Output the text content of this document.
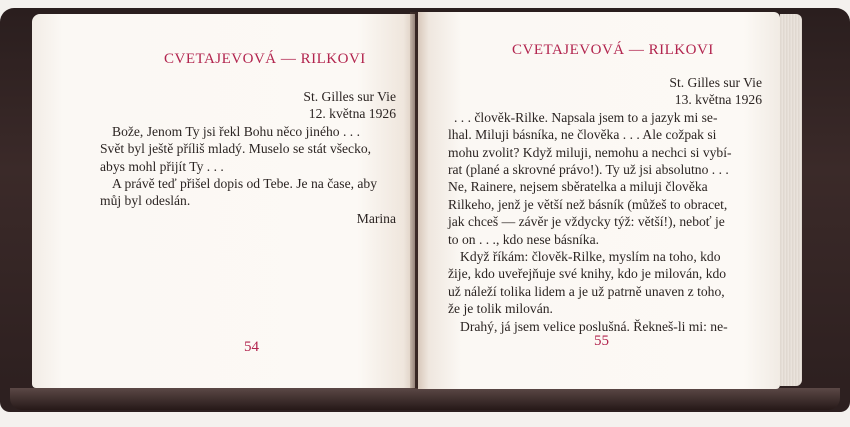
CVETAJEVOVÁ — RILKOVI
St. Gilles sur Vie
12. května 1926
Bože, Jenom Ty jsi řekl Bohu něco jiného . . .
Svět byl ještě příliš mladý. Muselo se stát všecko,
abys mohl přijít Ty . . .
A právě teď přišel dopis od Tebe. Je na čase, aby
můj byl odeslán.
Marina
54
CVETAJEVOVÁ — RILKOVI
St. Gilles sur Vie
13. května 1926
. . . člověk-Rilke. Napsala jsem to a jazyk mi se-
lhal. Miluji básníka, ne člověka . . . Ale cožpak si
mohu zvolit? Když miluji, nemohu a nechci si vybí-
rat (plané a skrovné právo!). Ty už jsi absolutno . . .
Ne, Rainere, nejsem sběratelka a miluji člověka
Rilkeho, jenž je větší než básník (můžeš to obracet,
jak chceš — závěr je vždycky týž: větší!), neboť je
to on . . ., kdo nese básníka.
Když říkám: člověk-Rilke, myslím na toho, kdo
žije, kdo uveřejňuje své knihy, kdo je milován, kdo
už náleží tolika lidem a je už patrně unaven z toho,
že je tolik milován.
Drahý, já jsem velice poslušná. Řekneš-li mi: ne-
55
